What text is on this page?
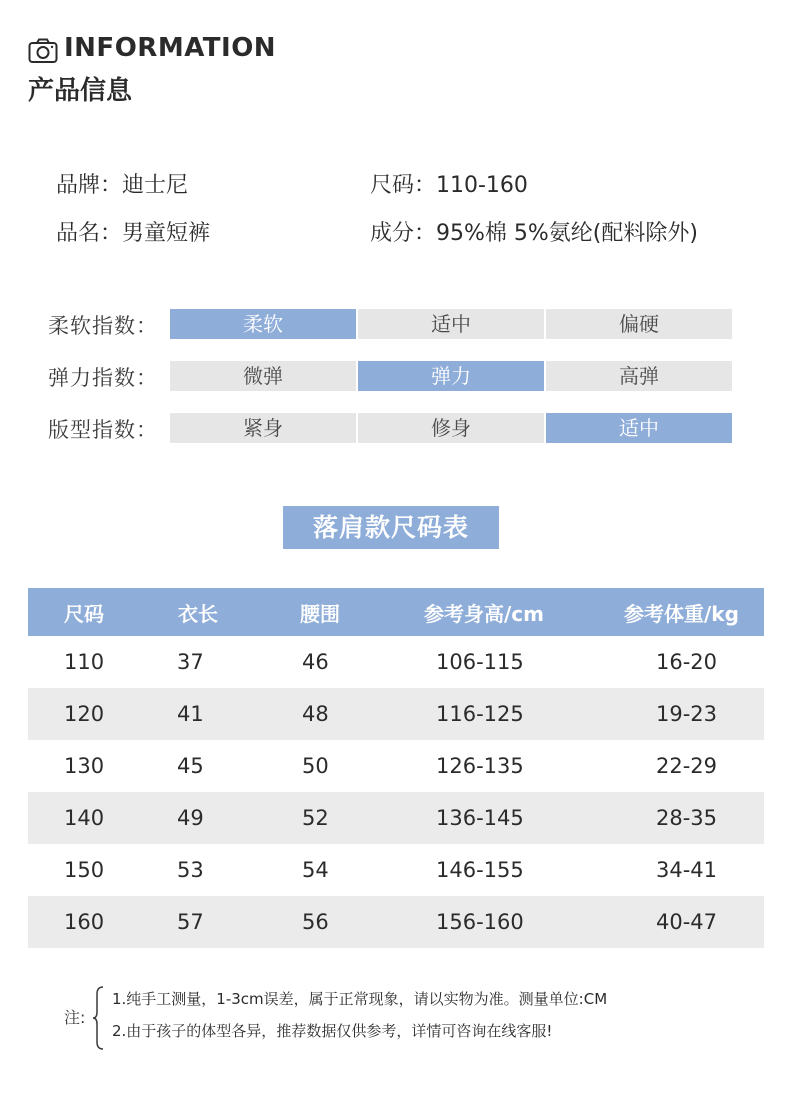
INFORMATION
产品信息
品牌：迪士尼
品名：男童短裤
尺码：110-160
成分：95%棉 5%氨纶(配料除外)
柔软指数：	柔软	适中	偏硬
弹力指数：	微弹	弹力	高弹
版型指数：	紧身	修身	适中
落肩款尺码表
尺码	衣长	腰围	参考身高/cm	参考体重/kg
110	37	46	106-115	16-20
120	41	48	116-125	19-23
130	45	50	126-135	22-29
140	49	52	136-145	28-35
150	53	54	146-155	34-41
160	57	56	156-160	40-47
注:
1.纯手工测量，1-3cm误差，属于正常现象，请以实物为准。测量单位:CM
2.由于孩子的体型各异，推荐数据仅供参考，详情可咨询在线客服!
